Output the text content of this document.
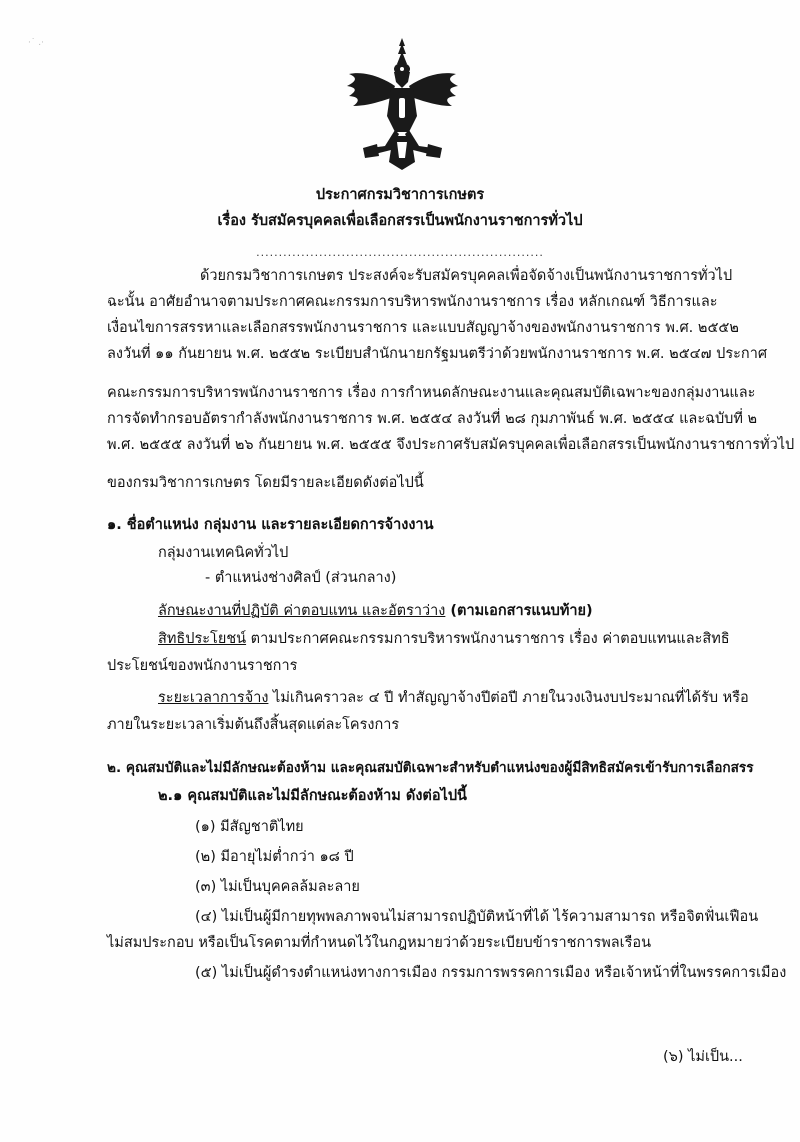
·˙ .·
ประกาศกรมวิชาการเกษตร
เรื่อง รับสมัครบุคคลเพื่อเลือกสรรเป็นพนักงานราชการทั่วไป
................................................................
ด้วยกรมวิชาการเกษตร ประสงค์จะรับสมัครบุคคลเพื่อจัดจ้างเป็นพนักงานราชการทั่วไป
ฉะนั้น อาศัยอำนาจตามประกาศคณะกรรมการบริหารพนักงานราชการ เรื่อง หลักเกณฑ์ วิธีการและ
เงื่อนไขการสรรหาและเลือกสรรพนักงานราชการ และแบบสัญญาจ้างของพนักงานราชการ พ.ศ. ๒๕๕๒
ลงวันที่ ๑๑ กันยายน พ.ศ. ๒๕๕๒ ระเบียบสำนักนายกรัฐมนตรีว่าด้วยพนักงานราชการ พ.ศ. ๒๕๔๗ ประกาศ
คณะกรรมการบริหารพนักงานราชการ เรื่อง การกำหนดลักษณะงานและคุณสมบัติเฉพาะของกลุ่มงานและ
การจัดทำกรอบอัตรากำลังพนักงานราชการ พ.ศ. ๒๕๕๔ ลงวันที่ ๒๘ กุมภาพันธ์ พ.ศ. ๒๕๕๔ และฉบับที่ ๒
พ.ศ. ๒๕๕๕ ลงวันที่ ๒๖ กันยายน พ.ศ. ๒๕๕๕ จึงประกาศรับสมัครบุคคลเพื่อเลือกสรรเป็นพนักงานราชการทั่วไป
ของกรมวิชาการเกษตร โดยมีรายละเอียดดังต่อไปนี้
๑. ชื่อตำแหน่ง กลุ่มงาน และรายละเอียดการจ้างงาน
กลุ่มงานเทคนิคทั่วไป
- ตำแหน่งช่างศิลป์ (ส่วนกลาง)
ลักษณะงานที่ปฏิบัติ ค่าตอบแทน และอัตราว่าง (ตามเอกสารแนบท้าย)
สิทธิประโยชน์ ตามประกาศคณะกรรมการบริหารพนักงานราชการ เรื่อง ค่าตอบแทนและสิทธิ
ประโยชน์ของพนักงานราชการ
ระยะเวลาการจ้าง ไม่เกินคราวละ ๔ ปี ทำสัญญาจ้างปีต่อปี ภายในวงเงินงบประมาณที่ได้รับ หรือ
ภายในระยะเวลาเริ่มต้นถึงสิ้นสุดแต่ละโครงการ
๒. คุณสมบัติและไม่มีลักษณะต้องห้าม และคุณสมบัติเฉพาะสำหรับตำแหน่งของผู้มีสิทธิสมัครเข้ารับการเลือกสรร
๒.๑ คุณสมบัติและไม่มีลักษณะต้องห้าม ดังต่อไปนี้
(๑) มีสัญชาติไทย
(๒) มีอายุไม่ต่ำกว่า ๑๘ ปี
(๓) ไม่เป็นบุคคลล้มละลาย
(๔) ไม่เป็นผู้มีกายทุพพลภาพจนไม่สามารถปฏิบัติหน้าที่ได้ ไร้ความสามารถ หรือจิตฟั่นเฟือน
ไม่สมประกอบ หรือเป็นโรคตามที่กำหนดไว้ในกฎหมายว่าด้วยระเบียบข้าราชการพลเรือน
(๕) ไม่เป็นผู้ดำรงตำแหน่งทางการเมือง กรรมการพรรคการเมือง หรือเจ้าหน้าที่ในพรรคการเมือง
(๖) ไม่เป็น...
